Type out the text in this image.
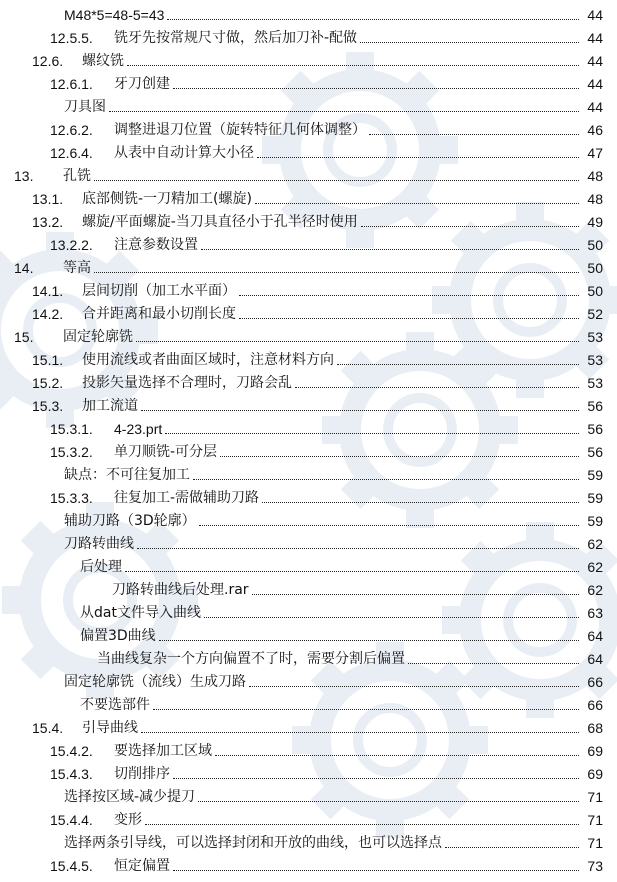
M48*5=48-5=43	44
12.5.5.	铣牙先按常规尺寸做，然后加刀补-配做	44
12.6.	螺纹铣	44
12.6.1.	牙刀创建	44
刀具图	44
12.6.2.	调整进退刀位置（旋转特征几何体调整）	46
12.6.4.	从表中自动计算大小径	47
13.	孔铣	48
13.1.	底部侧铣-一刀精加工(螺旋)	48
13.2.	螺旋/平面螺旋-当刀具直径小于孔半径时使用	49
13.2.2.	注意参数设置	50
14.	等高	50
14.1.	层间切削（加工水平面）	50
14.2.	合并距离和最小切削长度	52
15.	固定轮廓铣	53
15.1.	使用流线或者曲面区域时，注意材料方向	53
15.2.	投影矢量选择不合理时，刀路会乱	53
15.3.	加工流道	56
15.3.1.	4-23.prt	56
15.3.2.	单刀顺铣-可分层	56
缺点：不可往复加工	59
15.3.3.	往复加工-需做辅助刀路	59
辅助刀路（3D轮廓）	59
刀路转曲线	62
后处理	62
刀路转曲线后处理.rar	62
从dat文件导入曲线	63
偏置3D曲线	64
当曲线复杂一个方向偏置不了时，需要分割后偏置	64
固定轮廓铣（流线）生成刀路	66
不要选部件	66
15.4.	引导曲线	68
15.4.2.	要选择加工区域	69
15.4.3.	切削排序	69
选择按区域-减少提刀	71
15.4.4.	变形	71
选择两条引导线，可以选择封闭和开放的曲线，也可以选择点	71
15.4.5.	恒定偏置	73
